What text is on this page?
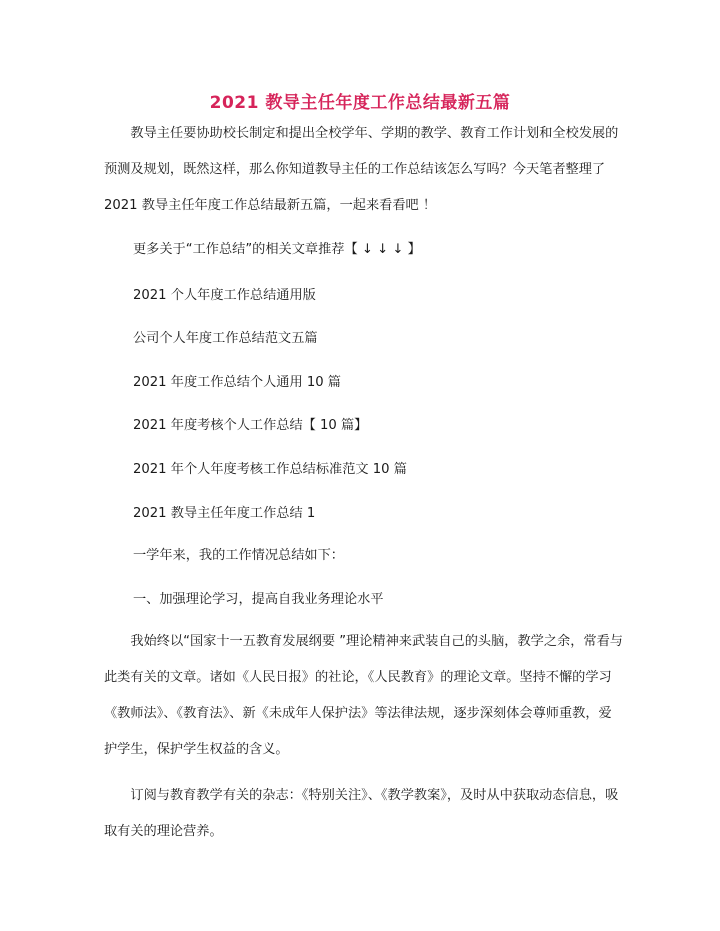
2021 教导主任年度工作总结最新五篇

教导主任要协助校长制定和提出全校学年、学期的教学、教育工作计划和全校发展的预测及规划，既然这样，那么你知道教导主任的工作总结该怎么写吗？今天笔者整理了 2021 教导主任年度工作总结最新五篇，一起来看看吧 ！

更多关于“工作总结”的相关文章推荐【 ↓ ↓ ↓ 】
2021 个人年度工作总结通用版
公司个人年度工作总结范文五篇
2021 年度工作总结个人通用 10 篇
2021 年度考核个人工作总结【 10 篇】
2021 年个人年度考核工作总结标准范文 10 篇
2021 教导主任年度工作总结 1
一学年来，我的工作情况总结如下：
一、加强理论学习，提高自我业务理论水平

我始终以“国家十一五教育发展纲要 ”理论精神来武装自己的头脑，教学之余，常看与此类有关的文章。诸如《人民日报》的社论，《人民教育》的理论文章。坚持不懈的学习《教师法》、《教育法》、新《未成年人保护法》等法律法规，逐步深刻体会尊师重教，爱护学生，保护学生权益的含义。

订阅与教育教学有关的杂志：《特别关注》、《教学教案》，及时从中获取动态信息，吸取有关的理论营养。
